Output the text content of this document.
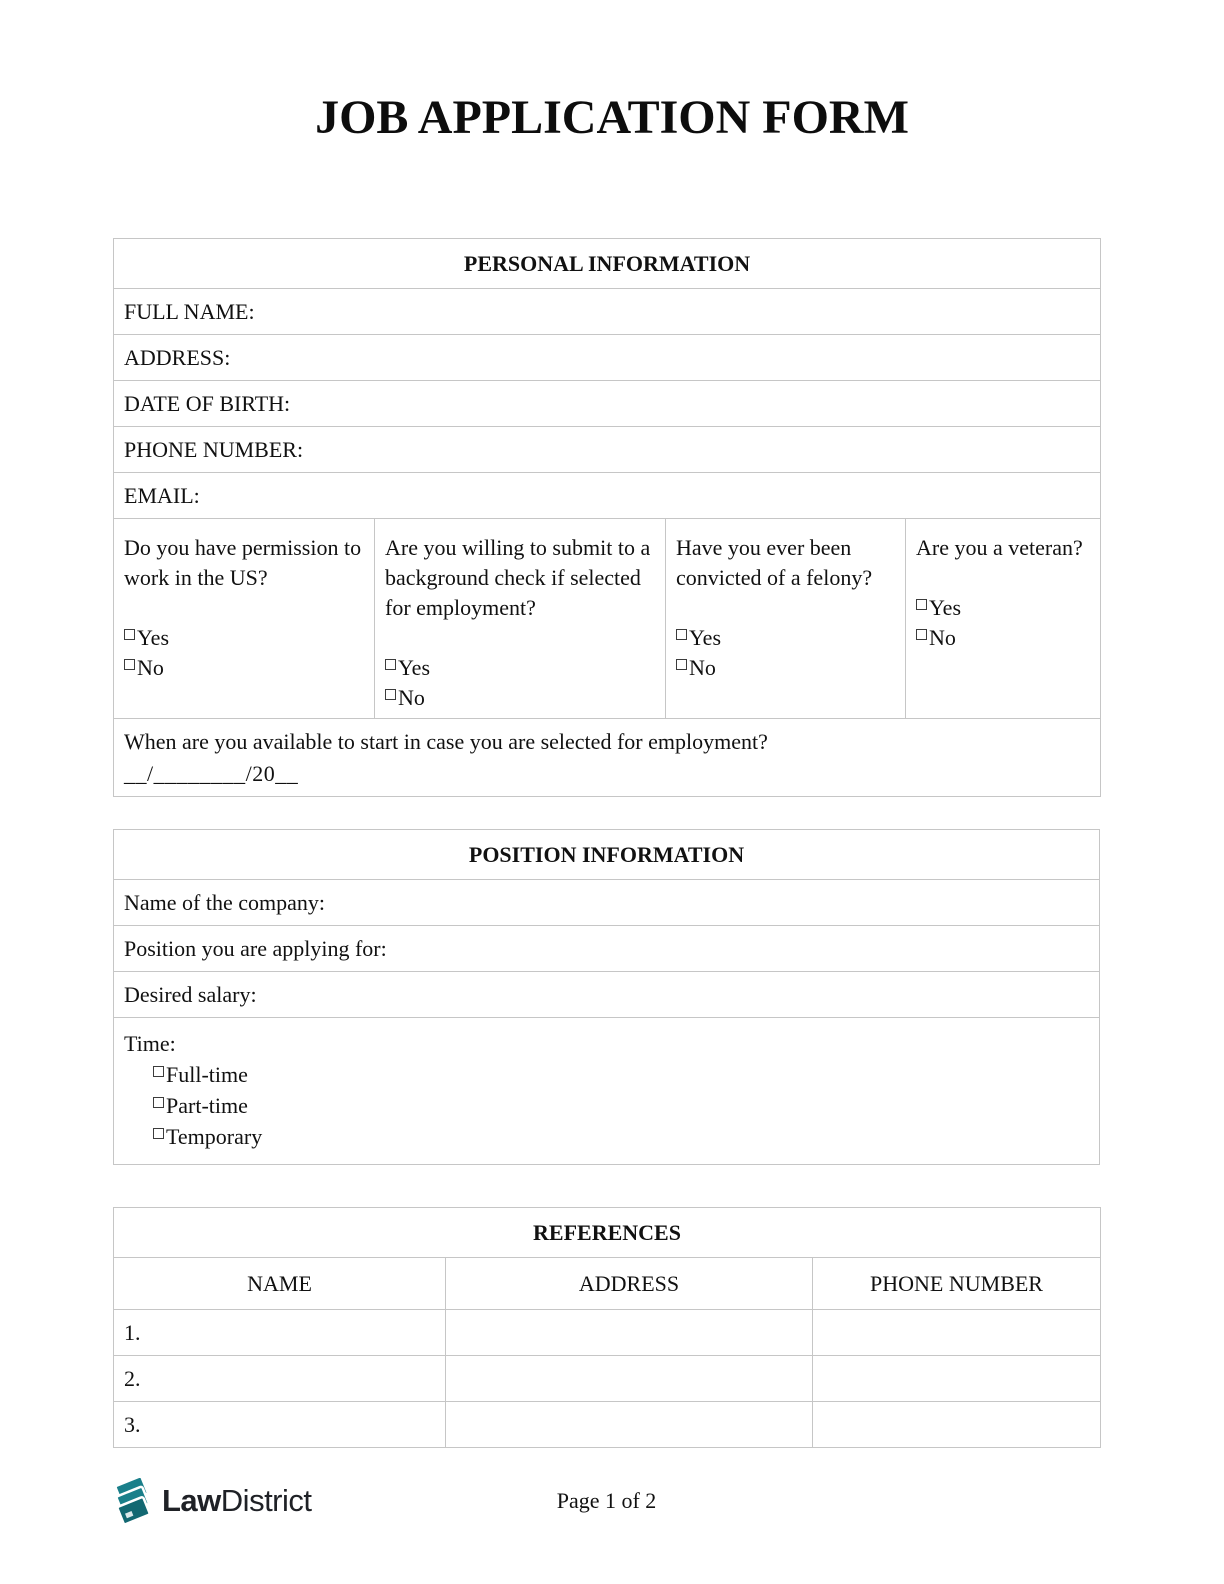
JOB APPLICATION FORM
PERSONAL INFORMATION
FULL NAME:
ADDRESS:
DATE OF BIRTH:
PHONE NUMBER:
EMAIL:

Do you have permission to work in the US?
Yes
No

Are you willing to submit to a background check if selected for employment?
Yes
No

Have you ever been convicted of a felony?
Yes
No

Are you a veteran?
Yes
No

When are you available to start in case you are selected for employment?
__/________/20__
POSITION INFORMATION
Name of the company:
Position you are applying for:
Desired salary:

Time:
Full-time
Part-time
Temporary
REFERENCES		
NAME	ADDRESS	PHONE NUMBER
1.		
2.		
3.		
Law District	Page 1 of 2
